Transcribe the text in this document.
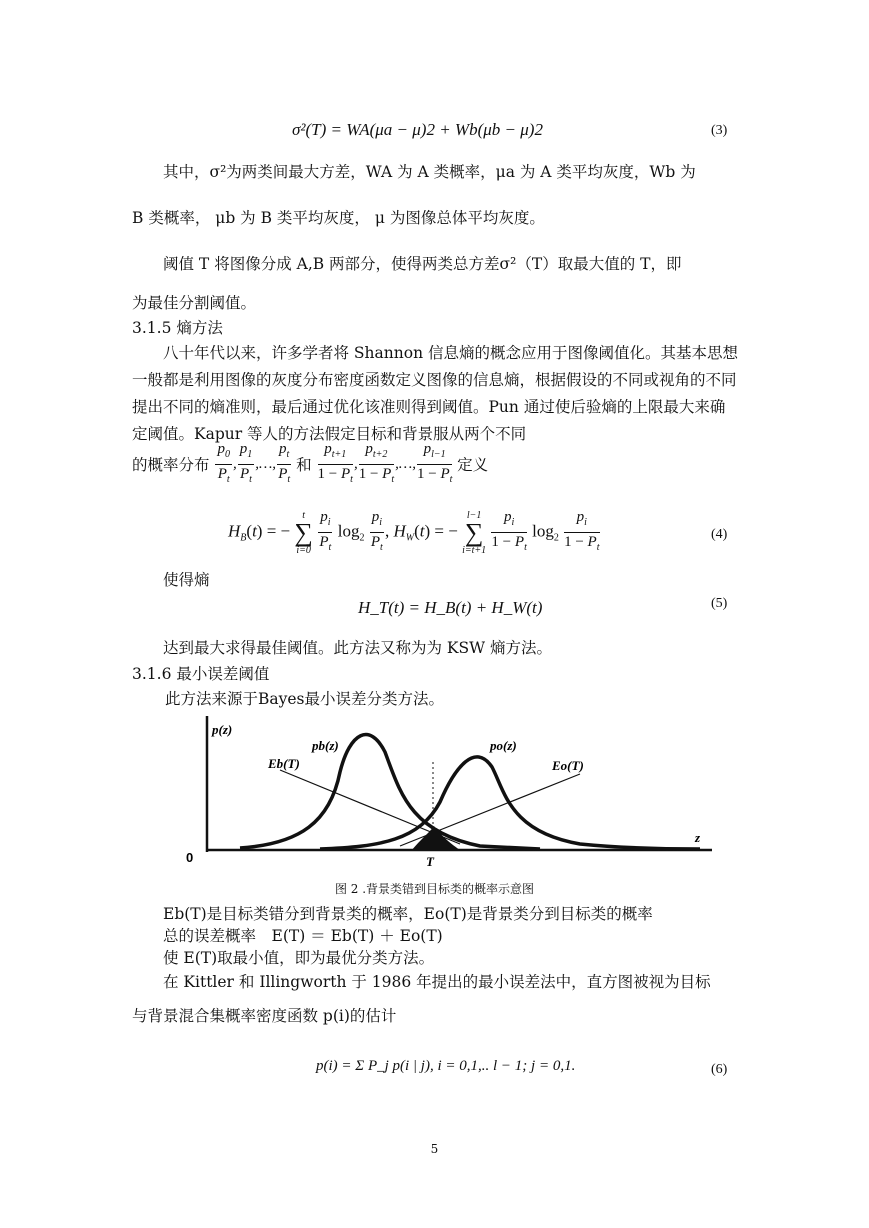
σ²(T) = WA(μa − μ)2 + Wb(μb − μ)2	(3)
其中，σ²为两类间最大方差，WA 为 A 类概率，μa 为 A 类平均灰度，Wb 为
B 类概率， μb 为 B 类平均灰度， μ 为图像总体平均灰度。
阈值 T 将图像分成 A,B 两部分，使得两类总方差σ²（T）取最大值的 T，即
为最佳分割阈值。
3.1.5 熵方法
八十年代以来，许多学者将 Shannon 信息熵的概念应用于图像阈值化。其基本思想一般都是利用图像的灰度分布密度函数定义图像的信息熵，根据假设的不同或视角的不同提出不同的熵准则，最后通过优化该准则得到阈值。Pun 通过使后验熵的上限最大来确定阈值。Kapur 等人的方法假定目标和背景服从两个不同
的概率分布 $\frac{p_0}{P_t}$ , $\frac{p_1}{P_t}$ ,…, $\frac{p_t}{P_t}$ 和 $\frac{p_{t+1}}{1 - P_t}$ , $\frac{p_{t+2}}{1 - P_t}$ ,…, $\frac{p_{l-1}}{1 - P_t}$ 定义
$H_B(t)$ = −
t
∑
i=0
$\frac{p_i}{P_t} \log_2 \frac{p_i}{P_t}$ , $H_W(t)$ = −
l−1
∑
i=t+1
$\frac{p_i}{1 - P_t} \log_2 \frac{p_i}{1 - P_t}$	(4)
使得熵
H_T(t) = H_B(t) + H_W(t)	(5)
达到最大求得最佳阈值。此方法又称为为 KSW 熵方法。
3.1.6 最小误差阈值
此方法来源于Bayes最小误差分类方法。
p(z)
pb(z)	po(z)
Eb(T)	Eo(T)
0	T
z
图 2 .背景类错到目标类的概率示意图
Eb(T)是目标类错分到背景类的概率，Eo(T)是背景类分到目标类的概率
总的误差概率　E(T) ＝ Eb(T) ＋ Eo(T)
使 E(T)取最小值，即为最优分类方法。
在 Kittler 和 Illingworth 于 1986 年提出的最小误差法中，直方图被视为目标
与背景混合集概率密度函数 p(i)的估计
p(i) = Σ P_j p(i | j), i = 0,1,.. l − 1; j = 0,1.	(6)
5
